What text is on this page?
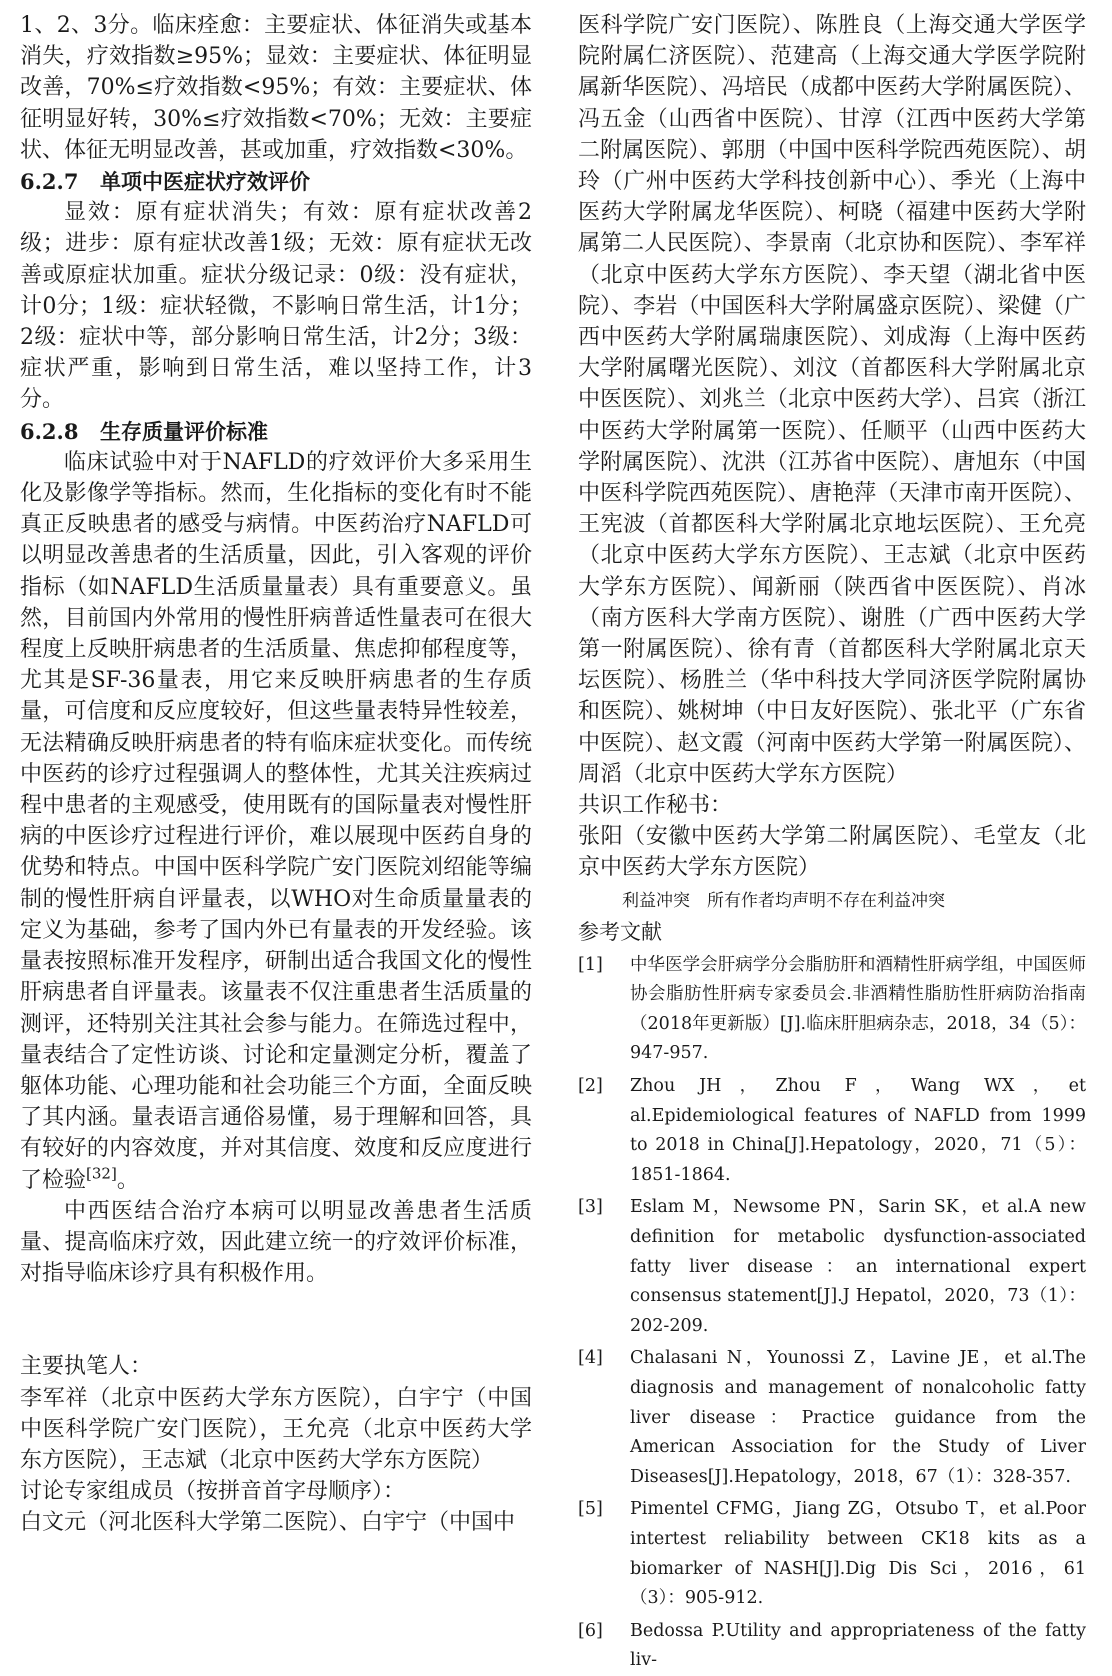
1、2、3分。临床痊愈：主要症状、体征消失或基本消失，疗效指数≥95%；显效：主要症状、体征明显改善，70%≤疗效指数<95%；有效：主要症状、体征明显好转，30%≤疗效指数<70%；无效：主要症状、体征无明显改善，甚或加重，疗效指数<30%。

6.2.7 单项中医症状疗效评价

显效：原有症状消失；有效：原有症状改善2级；进步：原有症状改善1级；无效：原有症状无改善或原症状加重。症状分级记录：0级：没有症状，计0分；1级：症状轻微，不影响日常生活，计1分；2级：症状中等，部分影响日常生活，计2分；3级：症状严重，影响到日常生活，难以坚持工作，计3分。

6.2.8 生存质量评价标准

临床试验中对于NAFLD的疗效评价大多采用生化及影像学等指标。然而，生化指标的变化有时不能真正反映患者的感受与病情。中医药治疗NAFLD可以明显改善患者的生活质量，因此，引入客观的评价指标（如NAFLD生活质量量表）具有重要意义。虽然，目前国内外常用的慢性肝病普适性量表可在很大程度上反映肝病患者的生活质量、焦虑抑郁程度等，尤其是SF-36量表，用它来反映肝病患者的生存质量，可信度和反应度较好，但这些量表特异性较差，无法精确反映肝病患者的特有临床症状变化。而传统中医药的诊疗过程强调人的整体性，尤其关注疾病过程中患者的主观感受，使用既有的国际量表对慢性肝病的中医诊疗过程进行评价，难以展现中医药自身的优势和特点。中国中医科学院广安门医院刘绍能等编制的慢性肝病自评量表，以WHO对生命质量量表的定义为基础，参考了国内外已有量表的开发经验。该量表按照标准开发程序，研制出适合我国文化的慢性肝病患者自评量表。该量表不仅注重患者生活质量的测评，还特别关注其社会参与能力。在筛选过程中，量表结合了定性访谈、讨论和定量测定分析，覆盖了躯体功能、心理功能和社会功能三个方面，全面反映了其内涵。量表语言通俗易懂，易于理解和回答，具有较好的内容效度，并对其信度、效度和反应度进行了检验[32]。

中西医结合治疗本病可以明显改善患者生活质量、提高临床疗效，因此建立统一的疗效评价标准，对指导临床诊疗具有积极作用。

主要执笔人：

李军祥（北京中医药大学东方医院），白宇宁（中国中医科学院广安门医院），王允亮（北京中医药大学东方医院），王志斌（北京中医药大学东方医院）

讨论专家组成员（按拼音首字母顺序）：

白文元（河北医科大学第二医院）、白宇宁（中国中

医科学院广安门医院）、陈胜良（上海交通大学医学院附属仁济医院）、范建高（上海交通大学医学院附属新华医院）、冯培民（成都中医药大学附属医院）、冯五金（山西省中医院）、甘淳（江西中医药大学第二附属医院）、郭朋（中国中医科学院西苑医院）、胡玲（广州中医药大学科技创新中心）、季光（上海中医药大学附属龙华医院）、柯晓（福建中医药大学附属第二人民医院）、李景南（北京协和医院）、李军祥（北京中医药大学东方医院）、李天望（湖北省中医院）、李岩（中国医科大学附属盛京医院）、梁健（广西中医药大学附属瑞康医院）、刘成海（上海中医药大学附属曙光医院）、刘汶（首都医科大学附属北京中医医院）、刘兆兰（北京中医药大学）、吕宾（浙江中医药大学附属第一医院）、任顺平（山西中医药大学附属医院）、沈洪（江苏省中医院）、唐旭东（中国中医科学院西苑医院）、唐艳萍（天津市南开医院）、王宪波（首都医科大学附属北京地坛医院）、王允亮（北京中医药大学东方医院）、王志斌（北京中医药大学东方医院）、闻新丽（陕西省中医医院）、肖冰（南方医科大学南方医院）、谢胜（广西中医药大学第一附属医院）、徐有青（首都医科大学附属北京天坛医院）、杨胜兰（华中科技大学同济医学院附属协和医院）、姚树坤（中日友好医院）、张北平（广东省中医院）、赵文霞（河南中医药大学第一附属医院）、周滔（北京中医药大学东方医院）

共识工作秘书：

张阳（安徽中医药大学第二附属医院）、毛堂友（北京中医药大学东方医院）

利益冲突　所有作者均声明不存在利益冲突

参考文献

[1] 中华医学会肝病学分会脂肪肝和酒精性肝病学组，中国医师协会脂肪性肝病专家委员会.非酒精性脂肪性肝病防治指南（2018年更新版）[J].临床肝胆病杂志，2018，34（5）：947-957.
[2] Zhou JH，Zhou F，Wang WX，et al.Epidemiological features of NAFLD from 1999 to 2018 in China[J].Hepatology，2020，71（5）：1851-1864.
[3] Eslam M，Newsome PN，Sarin SK，et al.A new definition for metabolic dysfunction-associated fatty liver disease：an international expert consensus statement[J].J Hepatol，2020，73（1）：202-209.
[4] Chalasani N，Younossi Z，Lavine JE，et al.The diagnosis and management of nonalcoholic fatty liver disease：Practice guidance from the American Association for the Study of Liver Diseases[J].Hepatology，2018，67（1）：328-357.
[5] Pimentel CFMG，Jiang ZG，Otsubo T，et al.Poor intertest reliability between CK18 kits as a biomarker of NASH[J].Dig Dis Sci，2016，61（3）：905-912.
[6] Bedossa P.Utility and appropriateness of the fatty liv-
